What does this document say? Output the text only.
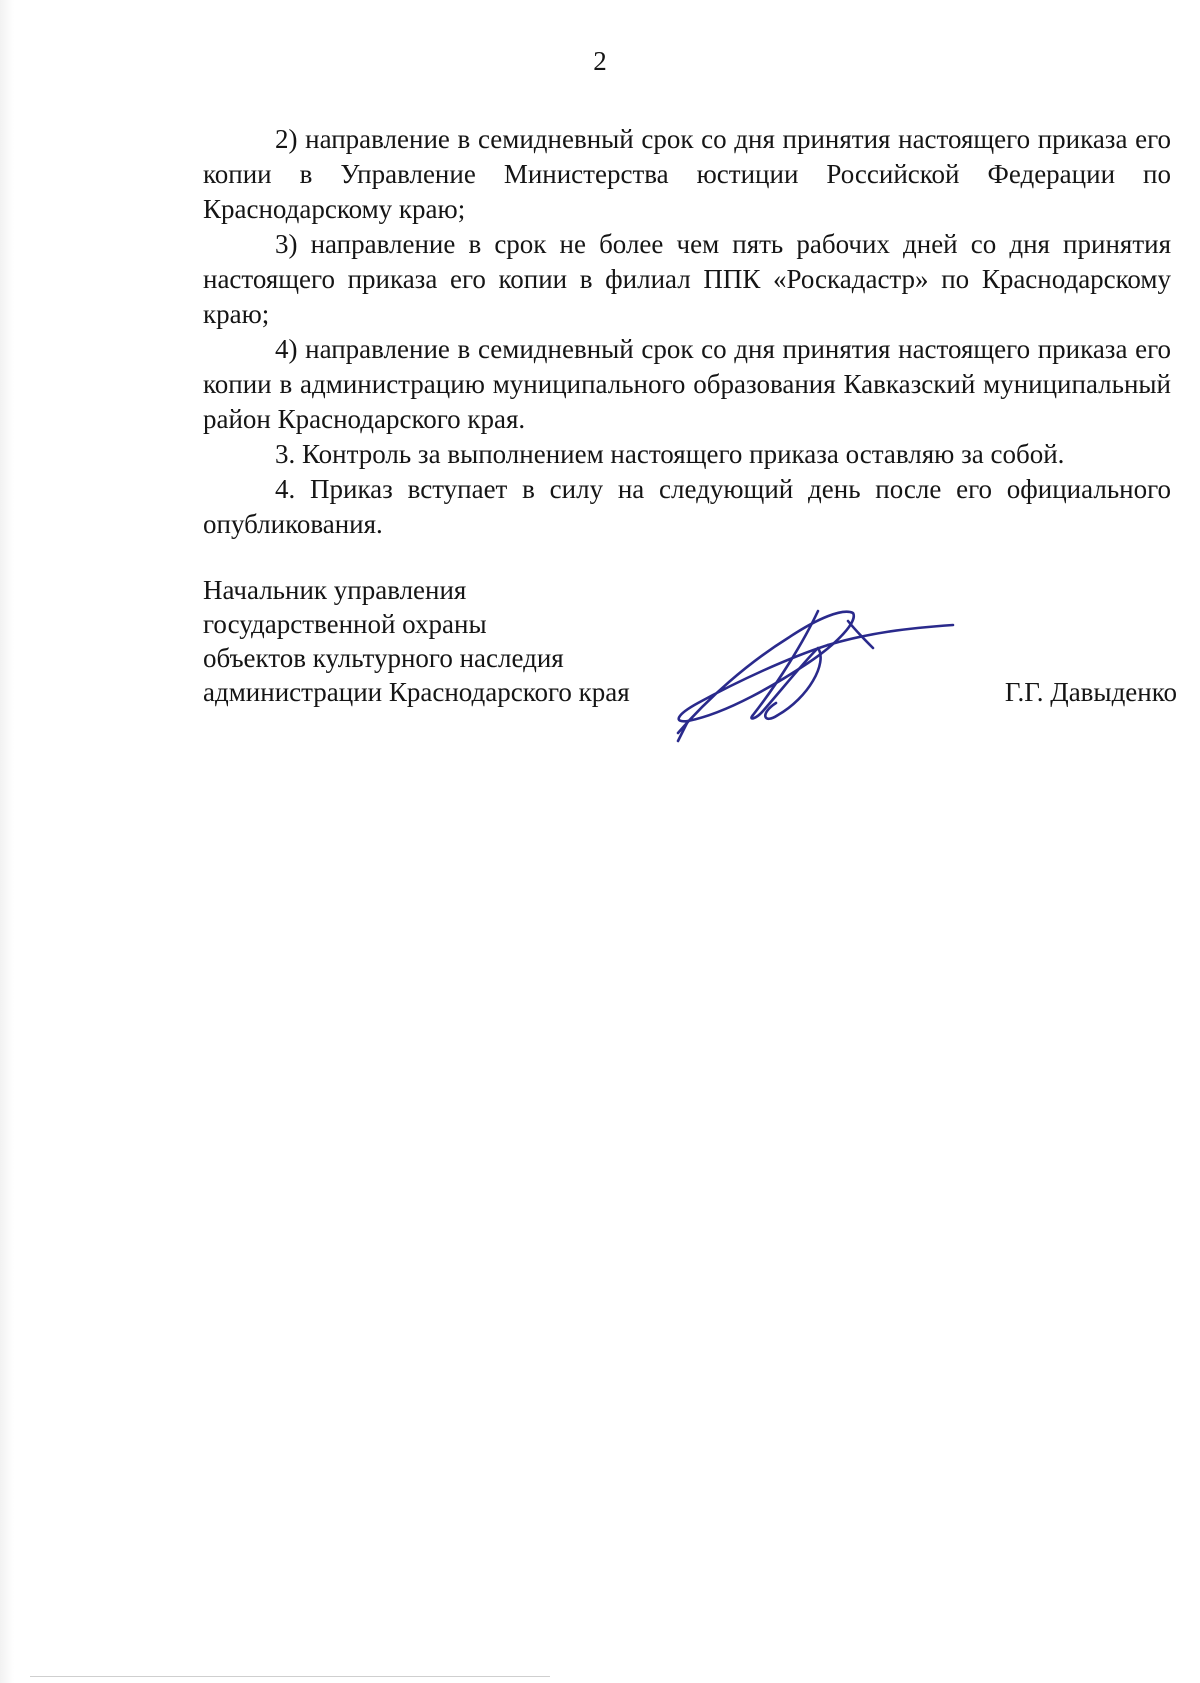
2

2) направление в семидневный срок со дня принятия настоящего приказа его копии в Управление Министерства юстиции Российской Федерации по Краснодарскому краю;

3) направление в срок не более чем пять рабочих дней со дня принятия настоящего приказа его копии в филиал ППК «Роскадастр» по Краснодарскому краю;

4) направление в семидневный срок со дня принятия настоящего приказа его копии в администрацию муниципального образования Кавказский муниципальный район Краснодарского края.

3. Контроль за выполнением настоящего приказа оставляю за собой.

4. Приказ вступает в силу на следующий день после его официального опубликования.

Начальник управления
государственной охраны
объектов культурного наследия
администрации Краснодарского края	Г.Г. Давыденко
